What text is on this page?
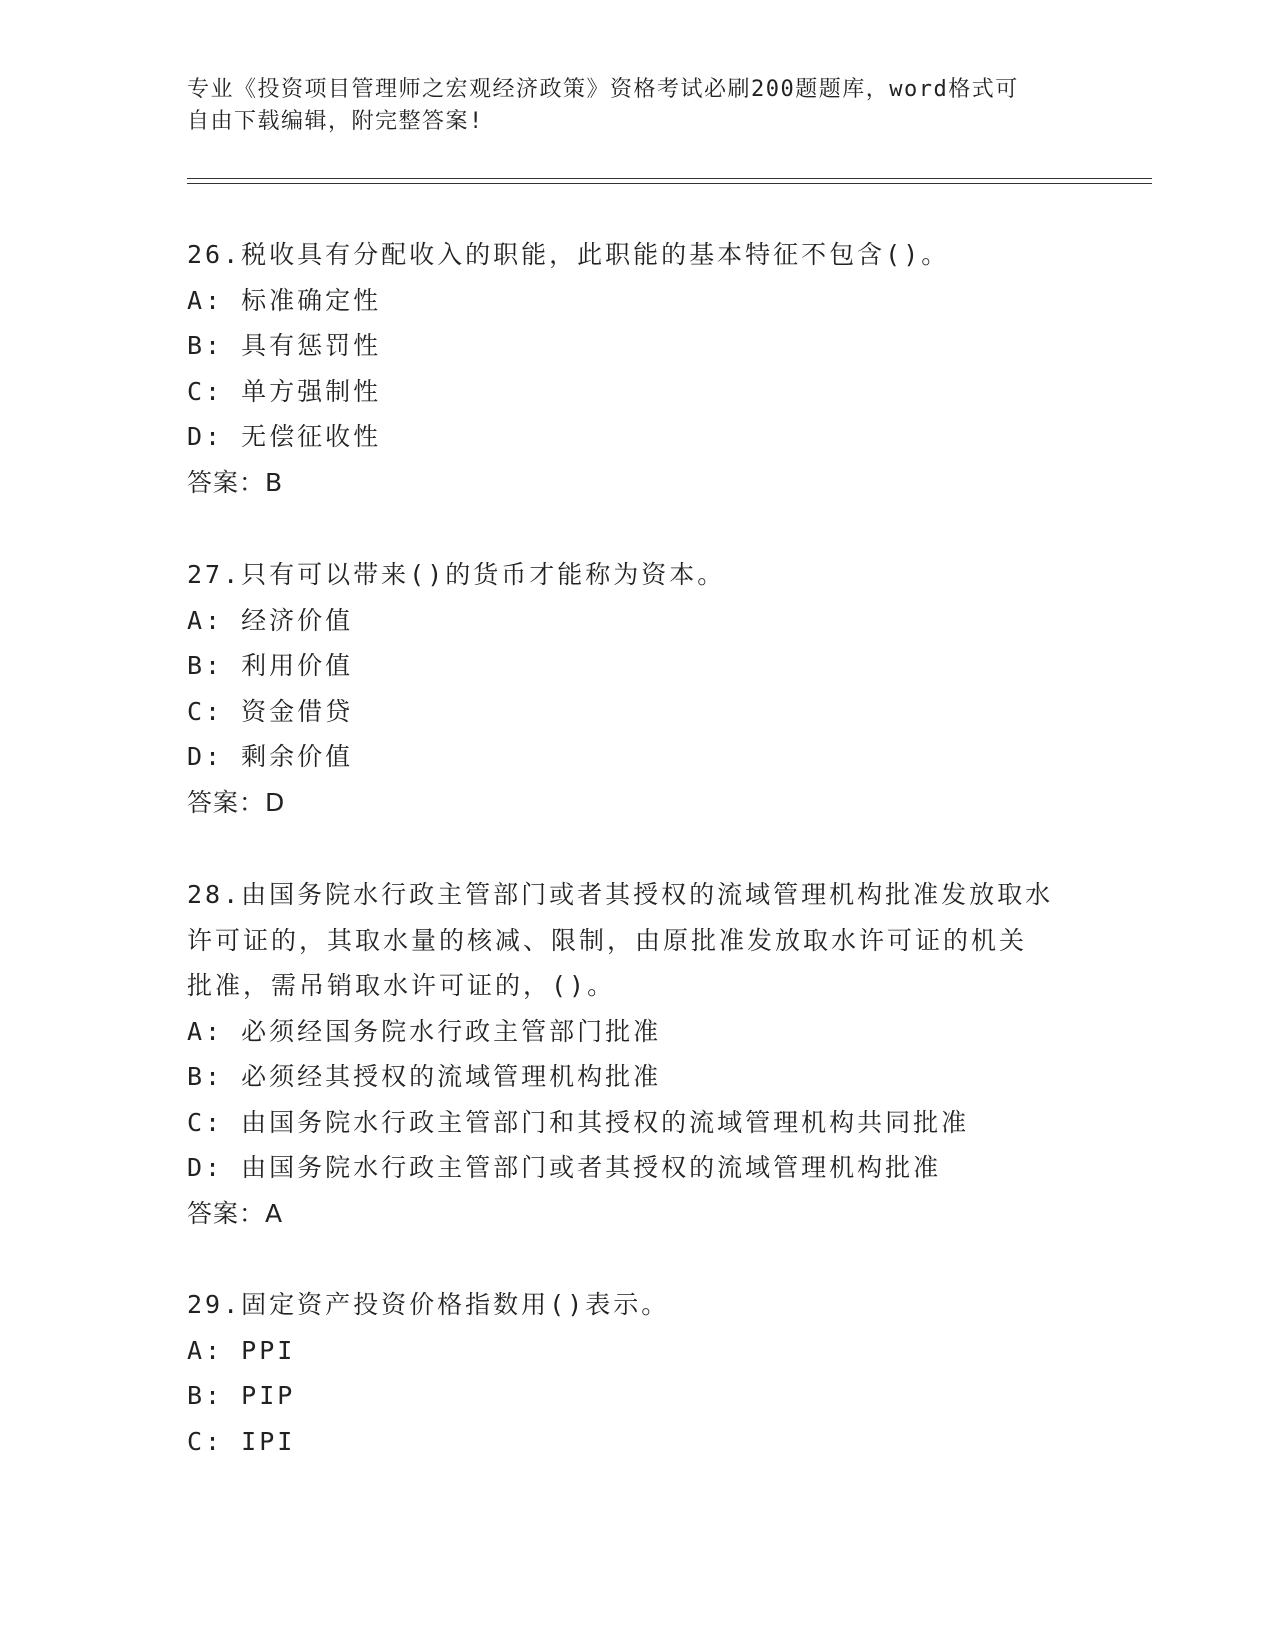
专业《投资项目管理师之宏观经济政策》资格考试必刷200题题库，word格式可
自由下载编辑，附完整答案!
26.税收具有分配收入的职能，此职能的基本特征不包含()。
A: 标准确定性
B: 具有惩罚性
C: 单方强制性
D: 无偿征收性
答案：B
27.只有可以带来()的货币才能称为资本。
A: 经济价值
B: 利用价值
C: 资金借贷
D: 剩余价值
答案：D
28.由国务院水行政主管部门或者其授权的流域管理机构批准发放取水
许可证的，其取水量的核减、限制，由原批准发放取水许可证的机关
批准，需吊销取水许可证的，()。
A: 必须经国务院水行政主管部门批准
B: 必须经其授权的流域管理机构批准
C: 由国务院水行政主管部门和其授权的流域管理机构共同批准
D: 由国务院水行政主管部门或者其授权的流域管理机构批准
答案：A
29.固定资产投资价格指数用()表示。
A: PPI
B: PIP
C: IPI
